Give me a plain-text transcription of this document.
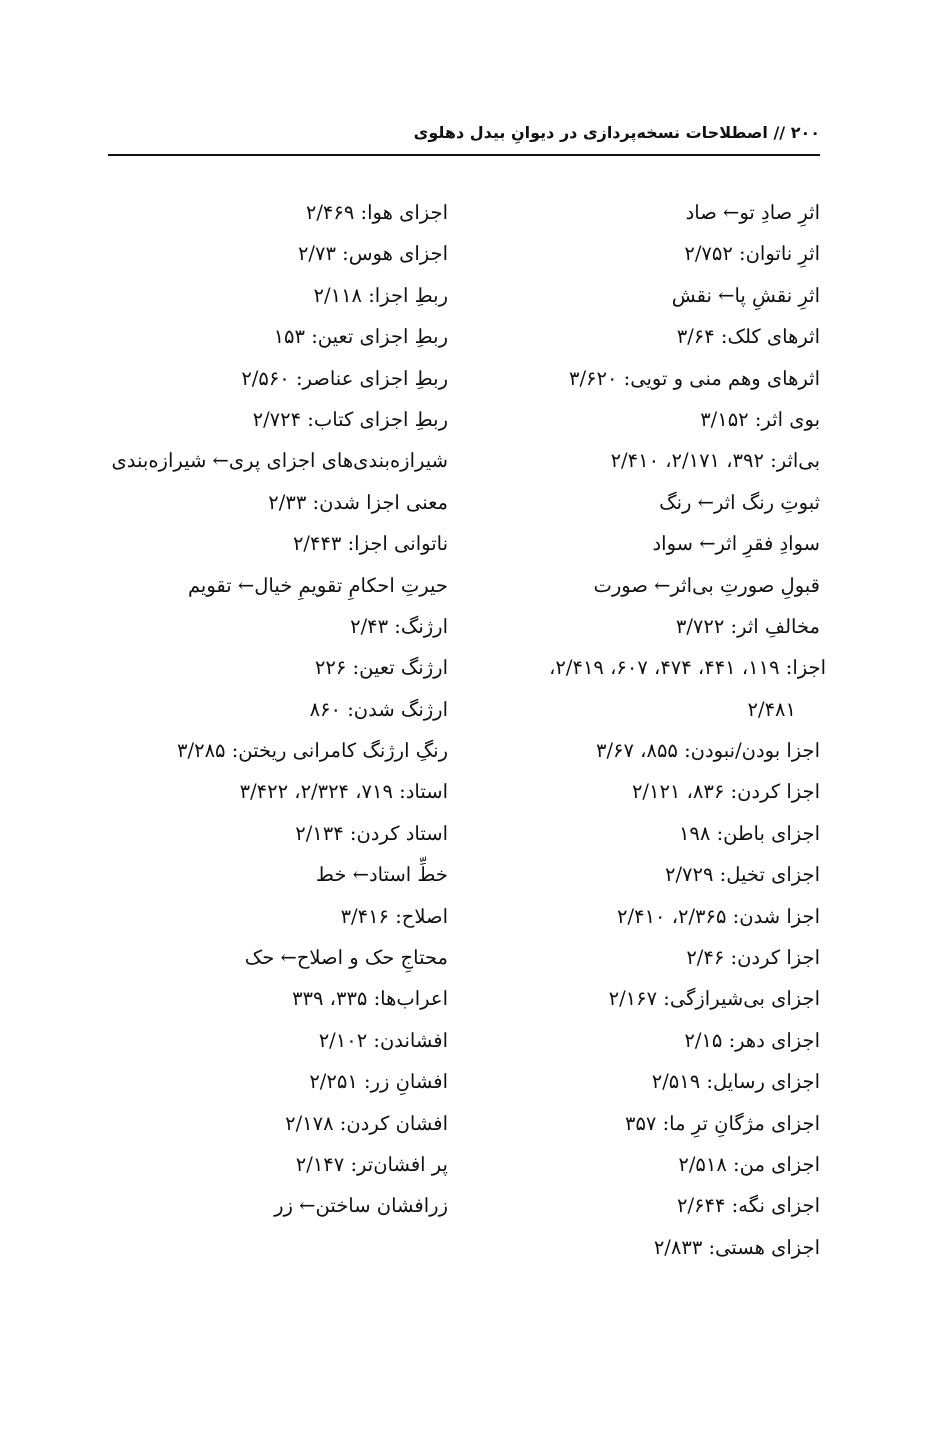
۲۰۰ // اصطلاحات نسخه‌پردازی در دیوانِ بیدل دهلوی
اثرِ صادِ تو← صاد
اثرِ ناتوان: ۲/۷۵۲
اثرِ نقشِ پا← نقش
اثرهای کلک: ۳/۶۴
اثرهای وهم منی و تویی: ۳/۶۲۰
بوی اثر: ۳/۱۵۲
بی‌اثر: ۳۹۲، ۲/۱۷۱، ۲/۴۱۰
ثبوتِ رنگ اثر← رنگ
سوادِ فقرِ اثر← سواد
قبولِ صورتِ بی‌اثر← صورت
مخالفِ اثر: ۳/۷۲۲
اجزا: ۱۱۹، ۴۴۱، ۴۷۴، ۶۰۷، ۲/۴۱۹،
۲/۴۸۱
اجزا بودن/نبودن: ۸۵۵، ۳/۶۷
اجزا کردن: ۸۳۶، ۲/۱۲۱
اجزای باطن: ۱۹۸
اجزای تخیل: ۲/۷۲۹
اجزا شدن: ۲/۳۶۵، ۲/۴۱۰
اجزا کردن: ۲/۴۶
اجزای بی‌شیرازگی: ۲/۱۶۷
اجزای دهر: ۲/۱۵
اجزای رسایل: ۲/۵۱۹
اجزای مژگانِ ترِ ما: ۳۵۷
اجزای من: ۲/۵۱۸
اجزای نگه: ۲/۶۴۴
اجزای هستی: ۲/۸۳۳
اجزای هوا: ۲/۴۶۹
اجزای هوس: ۲/۷۳
ربطِ اجزا: ۲/۱۱۸
ربطِ اجزای تعین: ۱۵۳
ربطِ اجزای عناصر: ۲/۵۶۰
ربطِ اجزای کتاب: ۲/۷۲۴
شیرازه‌بندی‌های اجزای پری← شیرازه‌بندی
معنی اجزا شدن: ۲/۳۳
ناتوانی اجزا: ۲/۴۴۳
حیرتِ احکامِ تقویمِ خیال← تقویم
ارژنگ: ۲/۴۳
ارژنگ تعین: ۲۲۶
ارژنگ شدن: ۸۶۰
رنگِ ارژنگ کامرانی ریختن: ۳/۲۸۵
استاد: ۷۱۹، ۲/۳۲۴، ۳/۴۲۲
استاد کردن: ۲/۱۳۴
خطِّ استاد← خط
اصلاح: ۳/۴۱۶
محتاجِ حک و اصلاح← حک
اعراب‌ها: ۳۳۵، ۳۳۹
افشاندن: ۲/۱۰۲
افشانِ زر: ۲/۲۵۱
افشان کردن: ۲/۱۷۸
پر افشان‌تر: ۲/۱۴۷
زرافشان ساختن← زر
